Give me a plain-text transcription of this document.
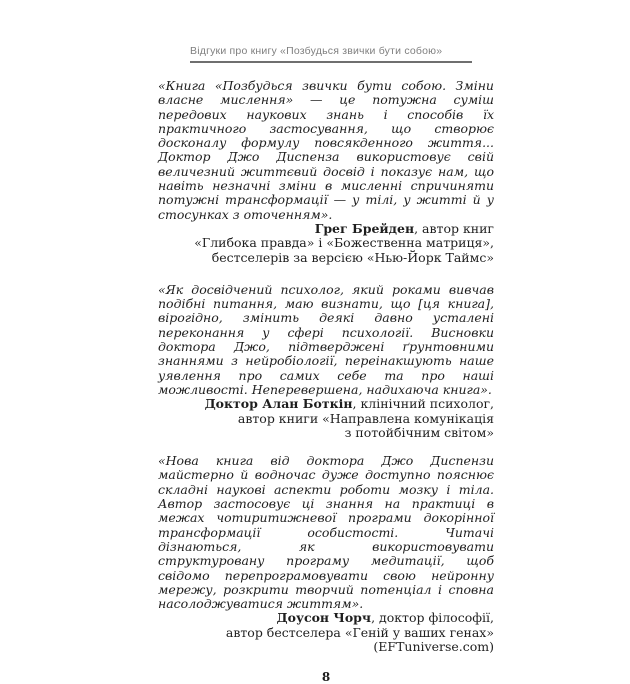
Відгуки про книгу «Позбудься звички бути собою»
«Книга «Позбудься звички бути собою. Зміни власне мислення» — це потужна суміш передових наукових знань і способів їх практичного застосування, що створює досконалу формулу повсякденного життя... Доктор Джо Диспенза використовує свій величезний життєвий досвід і показує нам, що навіть незначні зміни в мисленні спричиняти потужні трансформації — у тілі, у житті й у стосунках з оточенням».
Грег Брейден, автор книг
«Глибока правда» і «Божественна матриця»,
бестселерів за версією «Нью-Йорк Таймс»
«Як досвідчений психолог, який роками вивчав подібні питання, маю визнати, що [ця книга], вірогідно, змінить деякі давно усталені переконання у сфері психології. Висновки доктора Джо, підтверджені ґрунтовними знаннями з нейробіології, переінакшують наше уявлення про самих себе та про наші можливості. Неперевершена, надихаюча книга».
Доктор Алан Боткін, клінічний психолог,
автор книги «Направлена комунікація
з потойбічним світом»
«Нова книга від доктора Джо Диспензи майстерно й водночас дуже доступно пояснює складні наукові аспекти роботи мозку і тіла. Автор застосовує ці знання на практиці в межах чотиритижневої програми докорінної трансформації особистості. Читачі дізнаються, як використовувати структуровану програму медитації, щоб свідомо перепрограмовувати свою нейронну мережу, розкрити творчий потенціал і сповна насолоджуватися життям».
Доусон Чорч, доктор філософії,
автор бестселера «Геній у ваших генах»
(EFTuniverse.com)
8
